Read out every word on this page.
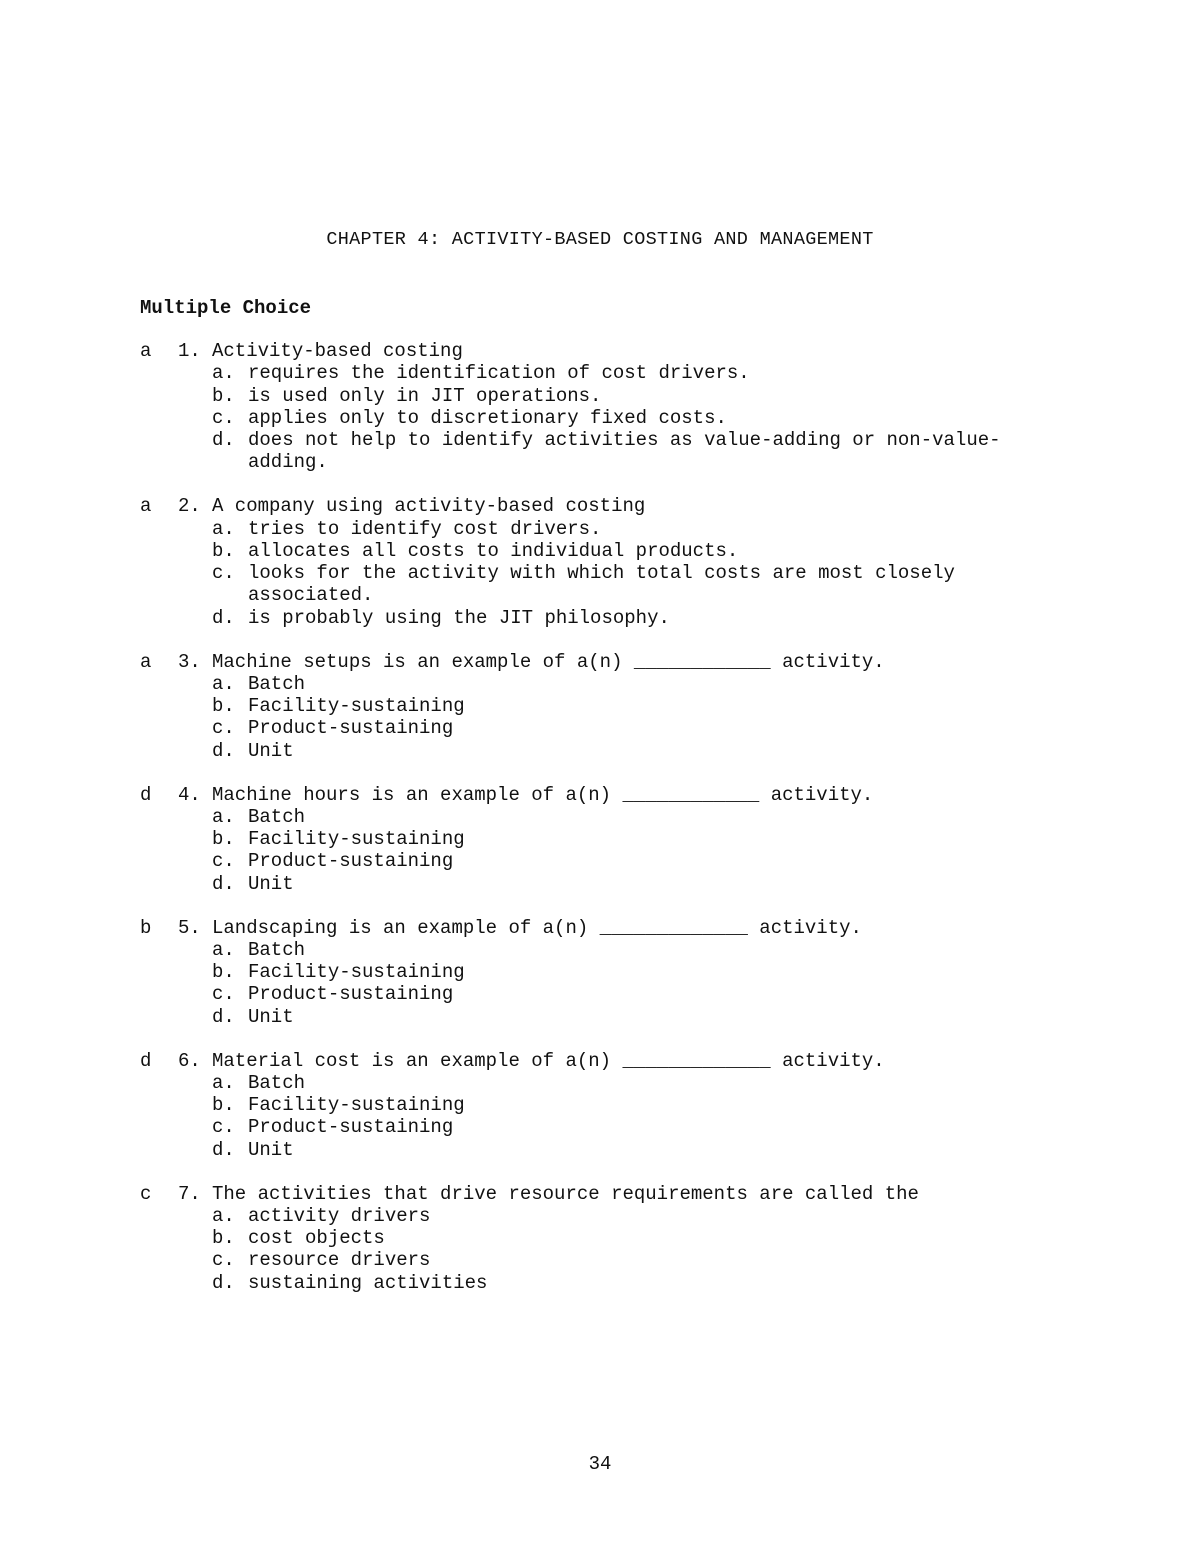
CHAPTER 4: ACTIVITY-BASED COSTING AND MANAGEMENT
Multiple Choice
a 1. Activity-based costing
a. requires the identification of cost drivers.
b. is used only in JIT operations.
c. applies only to discretionary fixed costs.
d. does not help to identify activities as value-adding or non-value-adding.
a 2. A company using activity-based costing
a. tries to identify cost drivers.
b. allocates all costs to individual products.
c. looks for the activity with which total costs are most closely associated.
d. is probably using the JIT philosophy.
a 3. Machine setups is an example of a(n) ____________ activity.
a. Batch
b. Facility-sustaining
c. Product-sustaining
d. Unit
d 4. Machine hours is an example of a(n) ____________ activity.
a. Batch
b. Facility-sustaining
c. Product-sustaining
d. Unit
b 5. Landscaping is an example of a(n) _____________ activity.
a. Batch
b. Facility-sustaining
c. Product-sustaining
d. Unit
d 6. Material cost is an example of a(n) _____________ activity.
a. Batch
b. Facility-sustaining
c. Product-sustaining
d. Unit
c 7. The activities that drive resource requirements are called the
a. activity drivers
b. cost objects
c. resource drivers
d. sustaining activities
34
